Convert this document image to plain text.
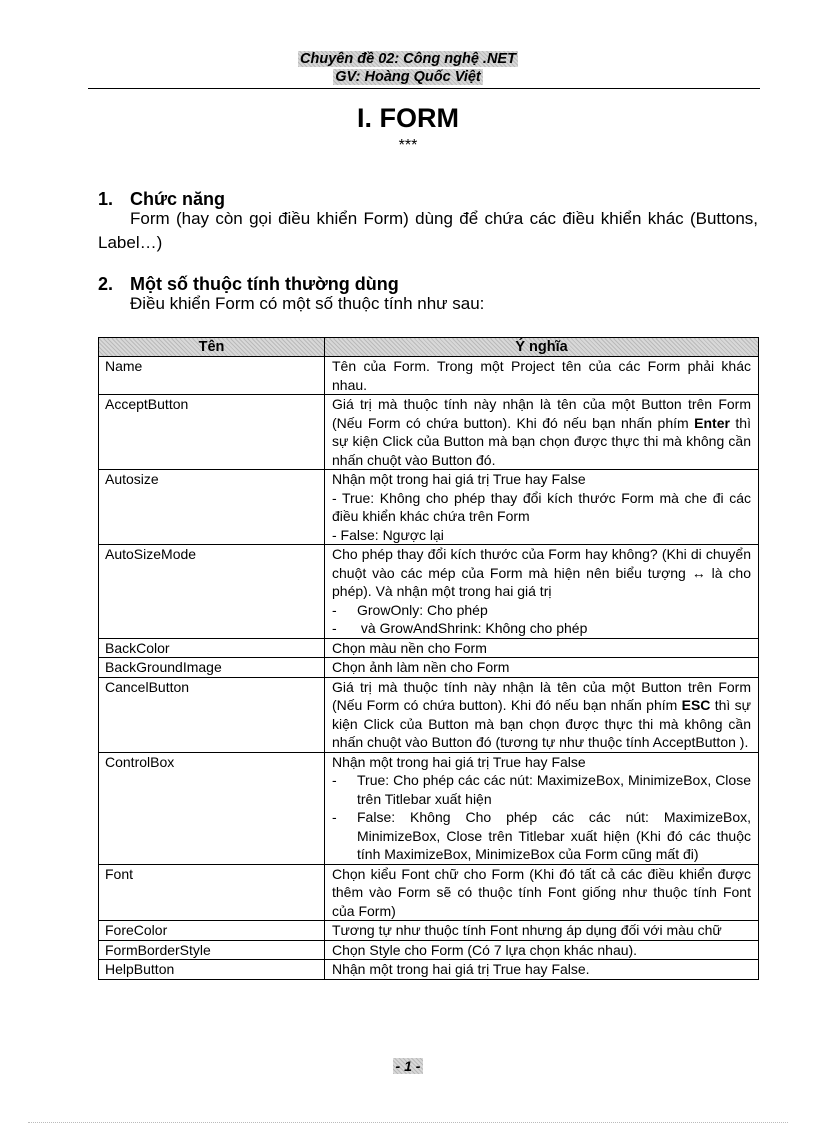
Chuyên đề 02: Công nghệ .NET
GV: Hoàng Quốc Việt
I. FORM
***
1. Chức năng
Form (hay còn gọi điều khiển Form) dùng để chứa các điều khiển khác (Buttons, Label…)
2. Một số thuộc tính thường dùng
Điều khiển Form có một số thuộc tính như sau:
Tên	Ý nghĩa
Name	Tên của Form. Trong một Project tên của các Form phải khác nhau.
AcceptButton	Giá trị mà thuộc tính này nhận là tên của một Button trên Form (Nếu Form có chứa button). Khi đó nếu bạn nhấn phím Enter thì sự kiện Click của Button mà bạn chọn được thực thi mà không cần nhấn chuột vào Button đó.
Autosize	Nhận một trong hai giá trị True hay False
- True: Không cho phép thay đổi kích thước Form mà che đi các điều khiển khác chứa trên Form
- False: Ngược lại

AutoSizeMode	Cho phép thay đổi kích thước của Form hay không? (Khi di chuyển chuột vào các mép của Form mà hiện nên biểu tượng ↔ là cho phép). Và nhận một trong hai giá trị
- GrowOnly: Cho phép
- và GrowAndShrink: Không cho phép

BackColor	Chọn màu nền cho Form
BackGroundImage	Chọn ảnh làm nền cho Form
CancelButton	Giá trị mà thuộc tính này nhận là tên của một Button trên Form (Nếu Form có chứa button). Khi đó nếu bạn nhấn phím ESC thì sự kiện Click của Button mà bạn chọn được thực thi mà không cần nhấn chuột vào Button đó (tương tự như thuộc tính AcceptButton ).
ControlBox	Nhận một trong hai giá trị True hay False
- True: Cho phép các các nút: MaximizeBox, MinimizeBox, Close trên Titlebar xuất hiện
- False: Không Cho phép các các nút: MaximizeBox, MinimizeBox, Close trên Titlebar xuất hiện (Khi đó các thuộc tính MaximizeBox, MinimizeBox của Form cũng mất đi)

Font	Chọn kiểu Font chữ cho Form (Khi đó tất cả các điều khiển được thêm vào Form sẽ có thuộc tính Font giống như thuộc tính Font của Form)
ForeColor	Tương tự như thuộc tính Font nhưng áp dụng đối với màu chữ
FormBorderStyle	Chọn Style cho Form (Có 7 lựa chọn khác nhau).
HelpButton	Nhận một trong hai giá trị True hay False.
- 1 -
